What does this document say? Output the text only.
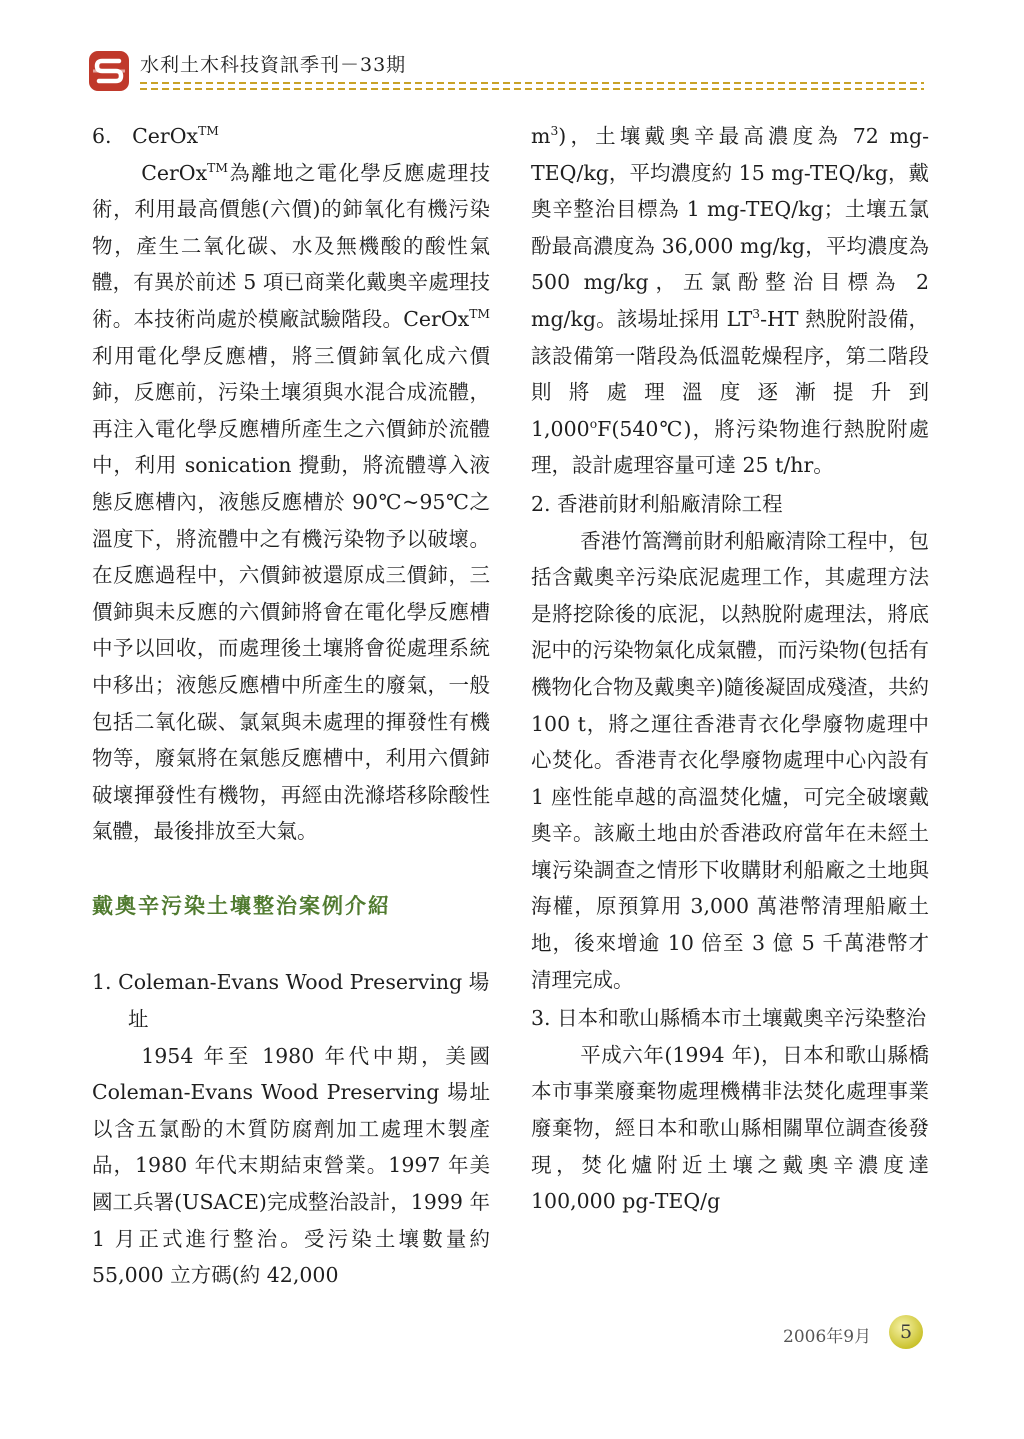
水利土木科技資訊季刊－33期

6. CerOx™

CerOx™為離地之電化學反應處理技術，利用最高價態(六價)的鈰氧化有機污染物，產生二氧化碳、水及無機酸的酸性氣體，有異於前述 5 項已商業化戴奧辛處理技術。本技術尚處於模廠試驗階段。CerOx™利用電化學反應槽，將三價鈰氧化成六價鈰，反應前，污染土壤須與水混合成流體，再注入電化學反應槽所產生之六價鈰於流體中，利用 sonication 攪動，將流體導入液態反應槽內，液態反應槽於 90℃~95℃之溫度下，將流體中之有機污染物予以破壞。在反應過程中，六價鈰被還原成三價鈰，三價鈰與未反應的六價鈰將會在電化學反應槽中予以回收，而處理後土壤將會從處理系統中移出；液態反應槽中所產生的廢氣，一般包括二氧化碳、氯氣與未處理的揮發性有機物等，廢氣將在氣態反應槽中，利用六價鈰破壞揮發性有機物，再經由洗滌塔移除酸性氣體，最後排放至大氣。

戴奧辛污染土壤整治案例介紹

1. Coleman-Evans Wood Preserving 場址

1954 年至 1980 年代中期，美國 Coleman-Evans Wood Preserving 場址以含五氯酚的木質防腐劑加工處理木製產品，1980 年代末期結束營業。1997 年美國工兵署(USACE)完成整治設計，1999 年 1 月正式進行整治。受污染土壤數量約 55,000 立方碼(約 42,000

$m^3$)，土壤戴奧辛最高濃度為 72 mg-TEQ/kg，平均濃度約 15 mg-TEQ/kg，戴奧辛整治目標為 1 mg-TEQ/kg；土壤五氯酚最高濃度為 36,000 mg/kg，平均濃度為 500 mg/kg，五氯酚整治目標為 2 mg/kg。該場址採用 $LT^3-HT$ 熱脫附設備，該設備第一階段為低溫乾燥程序，第二階段則將處理溫度逐漸提升到 1,000$^o$F(540℃)，將污染物進行熱脫附處理，設計處理容量可達 25 t/hr。

2. 香港前財利船廠清除工程

香港竹篙灣前財利船廠清除工程中，包括含戴奧辛污染底泥處理工作，其處理方法是將挖除後的底泥，以熱脫附處理法，將底泥中的污染物氣化成氣體，而污染物(包括有機物化合物及戴奧辛)隨後凝固成殘渣，共約 100 t，將之運往香港青衣化學廢物處理中心焚化。香港青衣化學廢物處理中心內設有 1 座性能卓越的高溫焚化爐，可完全破壞戴奧辛。該廠土地由於香港政府當年在未經土壤污染調查之情形下收購財利船廠之土地與海權，原預算用 3,000 萬港幣清理船廠土地，後來增逾 10 倍至 3 億 5 千萬港幣才清理完成。

3. 日本和歌山縣橋本市土壤戴奧辛污染整治

平成六年(1994 年)，日本和歌山縣橋本市事業廢棄物處理機構非法焚化處理事業廢棄物，經日本和歌山縣相關單位調查後發現，焚化爐附近土壤之戴奧辛濃度達 100,000 pg-TEQ/g

2006年9月	5
